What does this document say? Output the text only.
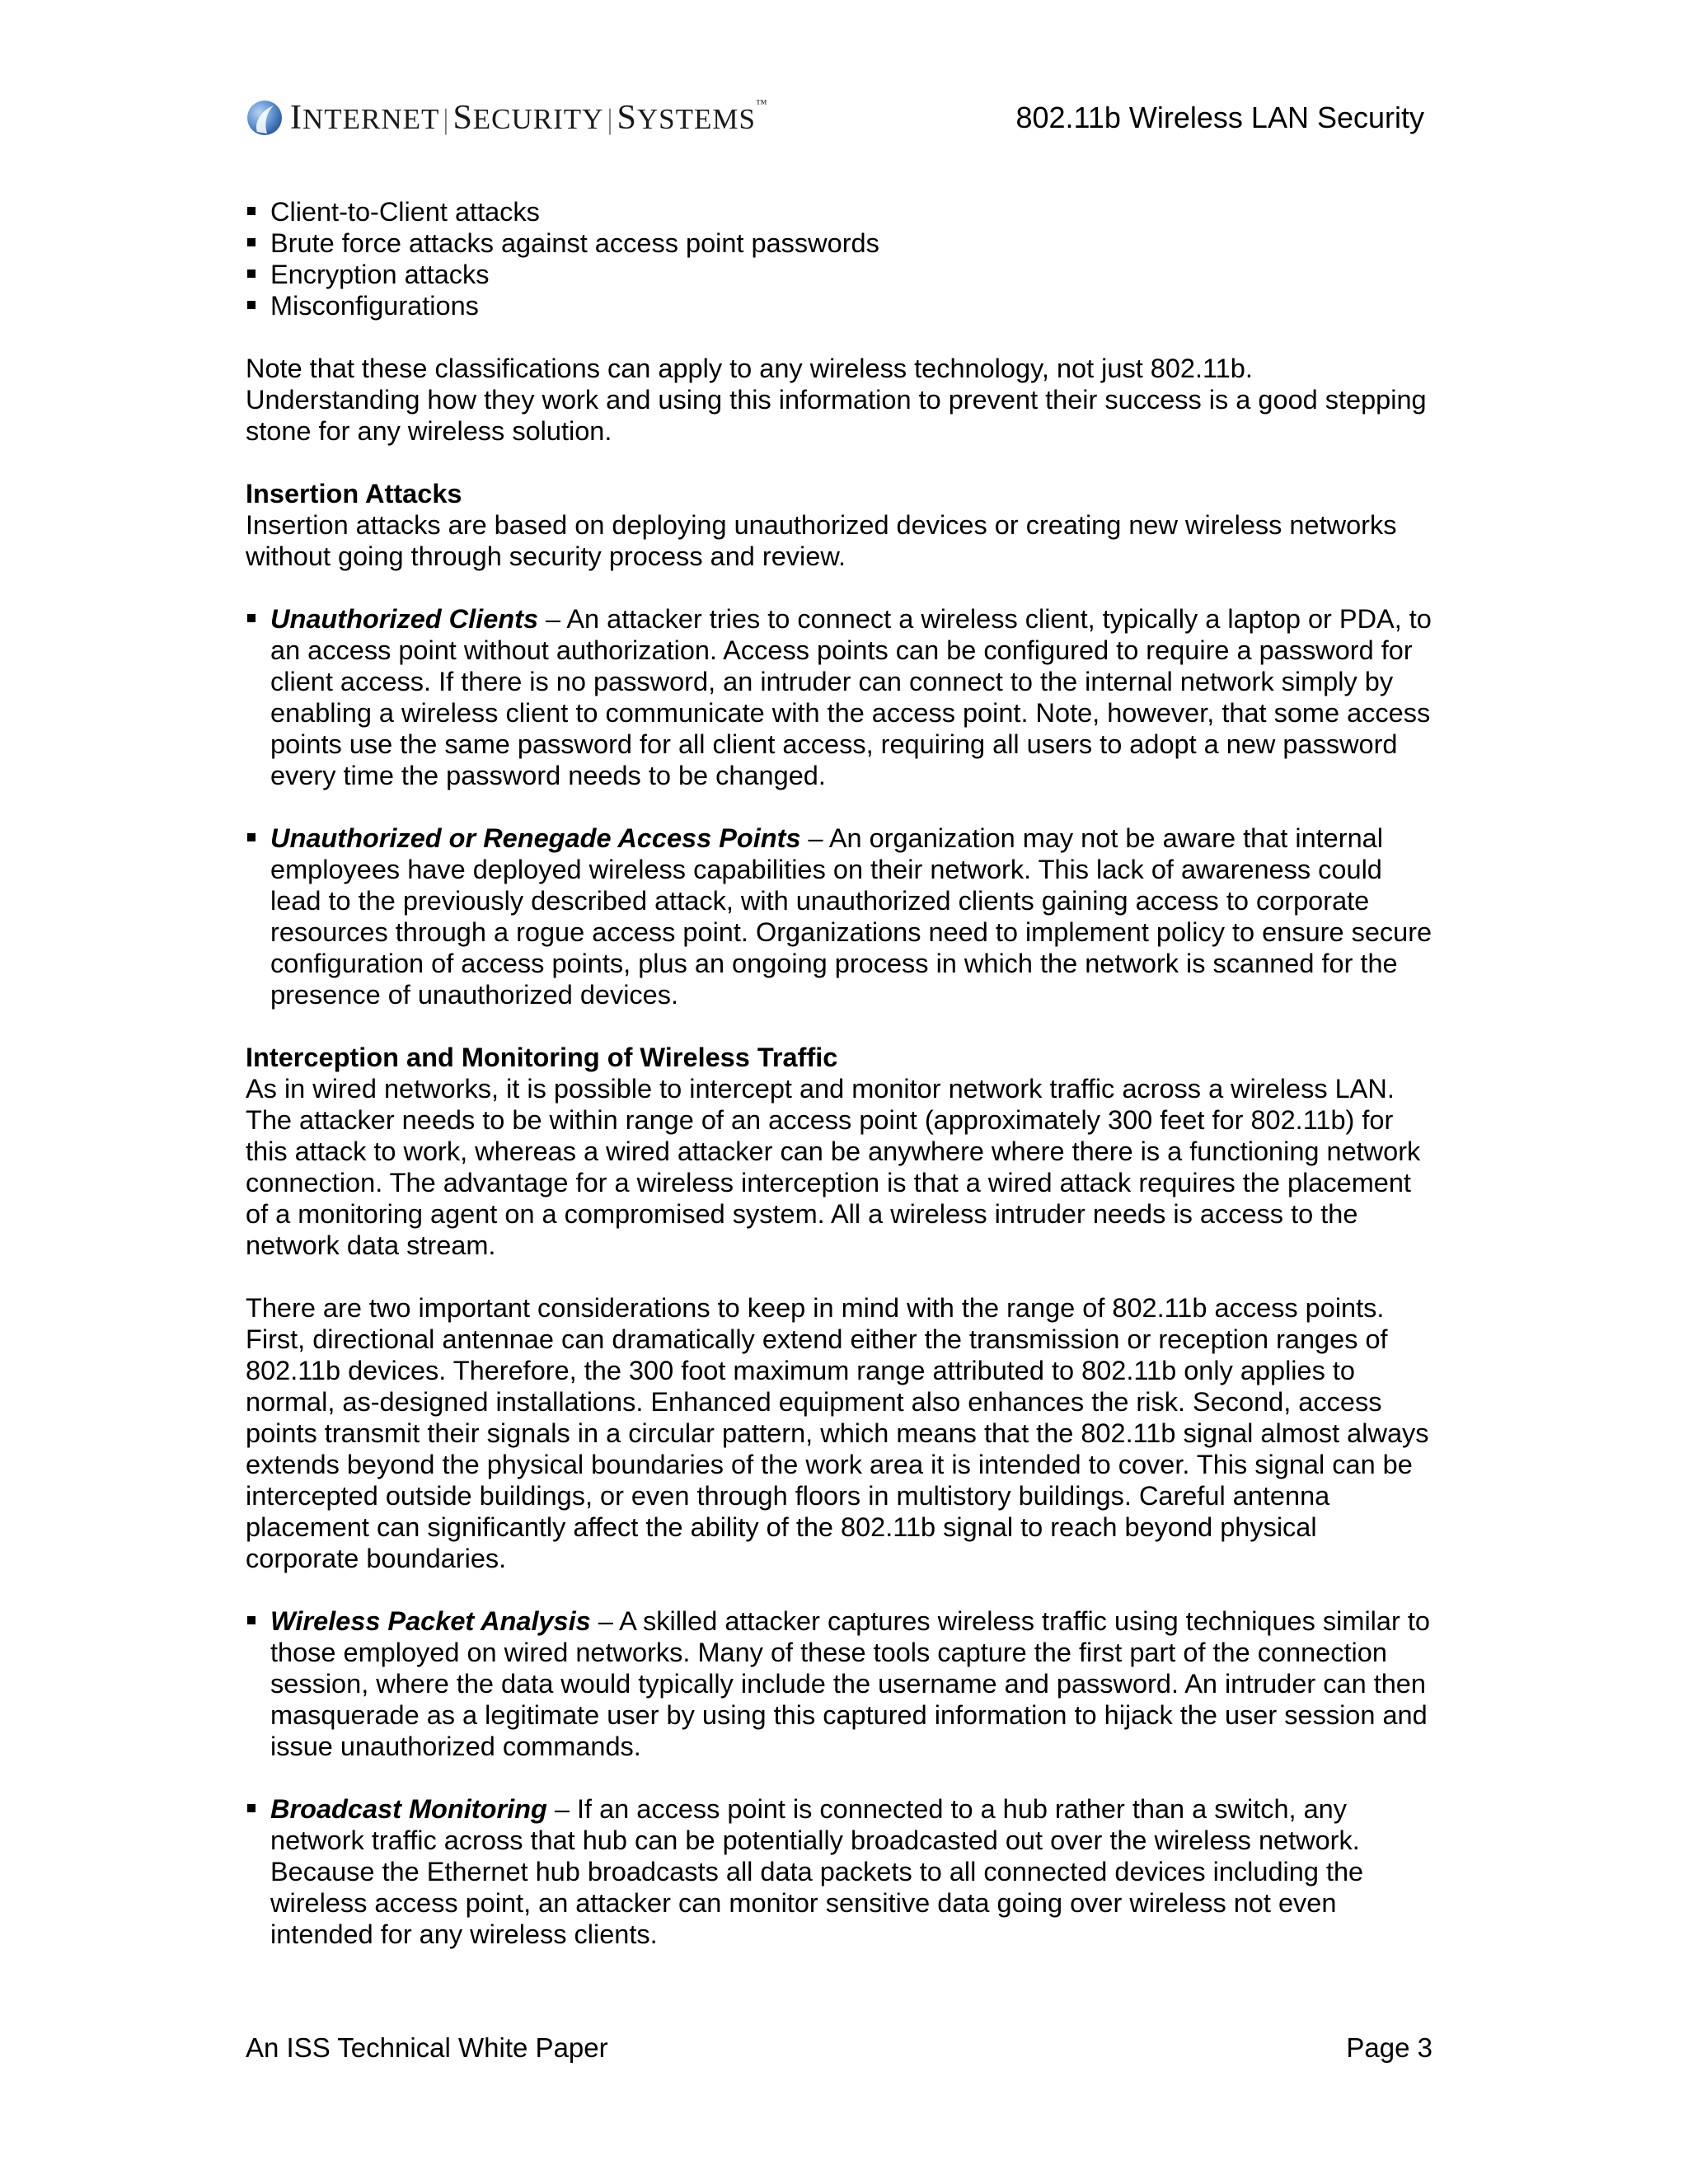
INTERNET |SECURITY |SYSTEMS™	802.11b Wireless LAN Security
Client-to-Client attacks
Brute force attacks against access point passwords
Encryption attacks
Misconfigurations

Note that these classifications can apply to any wireless technology, not just 802.11b. Understanding how they work and using this information to prevent their success is a good stepping stone for any wireless solution.

Insertion Attacks

Insertion attacks are based on deploying unauthorized devices or creating new wireless networks without going through security process and review.

Unauthorized Clients – An attacker tries to connect a wireless client, typically a laptop or PDA, to an access point without authorization. Access points can be configured to require a password for client access. If there is no password, an intruder can connect to the internal network simply by enabling a wireless client to communicate with the access point. Note, however, that some access points use the same password for all client access, requiring all users to adopt a new password every time the password needs to be changed.
Unauthorized or Renegade Access Points – An organization may not be aware that internal employees have deployed wireless capabilities on their network. This lack of awareness could lead to the previously described attack, with unauthorized clients gaining access to corporate resources through a rogue access point. Organizations need to implement policy to ensure secure configuration of access points, plus an ongoing process in which the network is scanned for the presence of unauthorized devices.

Interception and Monitoring of Wireless Traffic

As in wired networks, it is possible to intercept and monitor network traffic across a wireless LAN. The attacker needs to be within range of an access point (approximately 300 feet for 802.11b) for this attack to work, whereas a wired attacker can be anywhere where there is a functioning network connection. The advantage for a wireless interception is that a wired attack requires the placement of a monitoring agent on a compromised system. All a wireless intruder needs is access to the network data stream.

There are two important considerations to keep in mind with the range of 802.11b access points. First, directional antennae can dramatically extend either the transmission or reception ranges of 802.11b devices. Therefore, the 300 foot maximum range attributed to 802.11b only applies to normal, as-designed installations. Enhanced equipment also enhances the risk. Second, access points transmit their signals in a circular pattern, which means that the 802.11b signal almost always extends beyond the physical boundaries of the work area it is intended to cover. This signal can be intercepted outside buildings, or even through floors in multistory buildings. Careful antenna placement can significantly affect the ability of the 802.11b signal to reach beyond physical corporate boundaries.

Wireless Packet Analysis – A skilled attacker captures wireless traffic using techniques similar to those employed on wired networks. Many of these tools capture the first part of the connection session, where the data would typically include the username and password. An intruder can then masquerade as a legitimate user by using this captured information to hijack the user session and issue unauthorized commands.
Broadcast Monitoring – If an access point is connected to a hub rather than a switch, any network traffic across that hub can be potentially broadcasted out over the wireless network. Because the Ethernet hub broadcasts all data packets to all connected devices including the wireless access point, an attacker can monitor sensitive data going over wireless not even intended for any wireless clients.
An ISS Technical White Paper	Page 3
